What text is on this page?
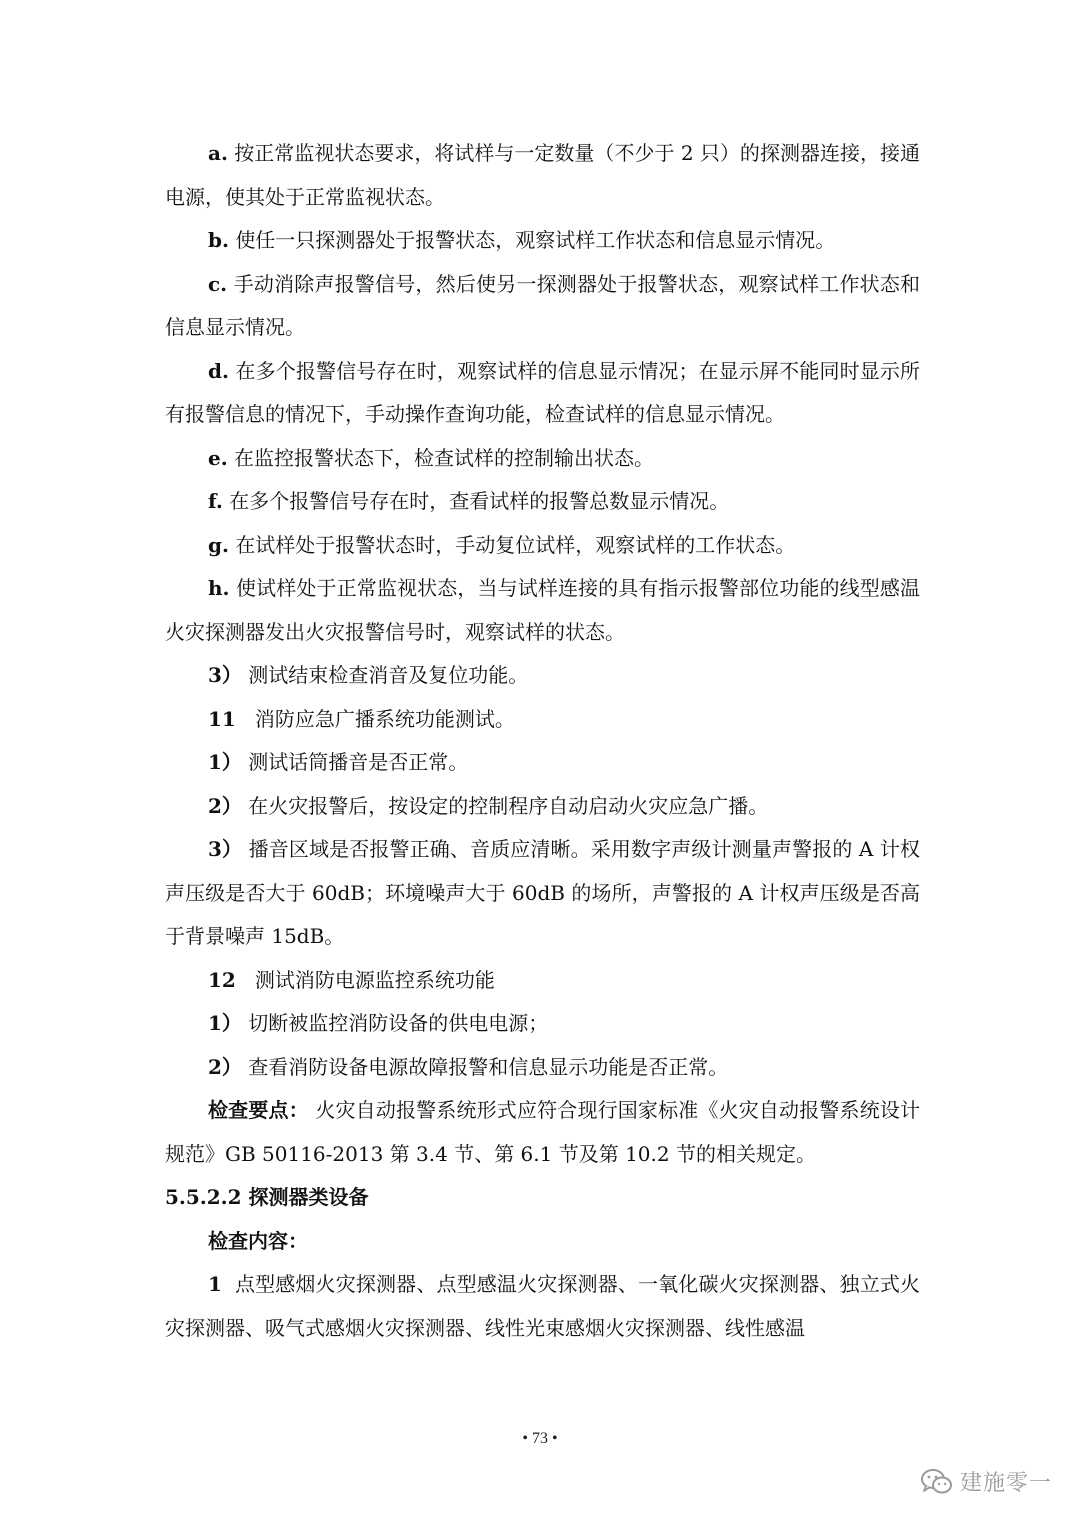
a. 按正常监视状态要求，将试样与一定数量（不少于 2 只）的探测器连接，接通电源，使其处于正常监视状态。

b. 使任一只探测器处于报警状态，观察试样工作状态和信息显示情况。

c. 手动消除声报警信号，然后使另一探测器处于报警状态，观察试样工作状态和信息显示情况。

d. 在多个报警信号存在时，观察试样的信息显示情况；在显示屏不能同时显示所有报警信息的情况下，手动操作查询功能，检查试样的信息显示情况。

e. 在监控报警状态下，检查试样的控制输出状态。

f. 在多个报警信号存在时，查看试样的报警总数显示情况。

g. 在试样处于报警状态时，手动复位试样，观察试样的工作状态。

h. 使试样处于正常监视状态，当与试样连接的具有指示报警部位功能的线型感温火灾探测器发出火灾报警信号时，观察试样的状态。

3） 测试结束检查消音及复位功能。

11   消防应急广播系统功能测试。

1） 测试话筒播音是否正常。

2） 在火灾报警后，按设定的控制程序自动启动火灾应急广播。

3） 播音区域是否报警正确、音质应清晰。采用数字声级计测量声警报的 A 计权声压级是否大于 60dB；环境噪声大于 60dB 的场所，声警报的 A 计权声压级是否高于背景噪声 15dB。

12   测试消防电源监控系统功能

1） 切断被监控消防设备的供电电源；

2） 查看消防设备电源故障报警和信息显示功能是否正常。

检查要点： 火灾自动报警系统形式应符合现行国家标准《火灾自动报警系统设计规范》GB 50116-2013 第 3.4 节、第 6.1 节及第 10.2 节的相关规定。

5.5.2.2 探测器类设备

检查内容：

1  点型感烟火灾探测器、点型感温火灾探测器、一氧化碳火灾探测器、独立式火灾探测器、吸气式感烟火灾探测器、线性光束感烟火灾探测器、线性感温

• 73 •
建施零一
